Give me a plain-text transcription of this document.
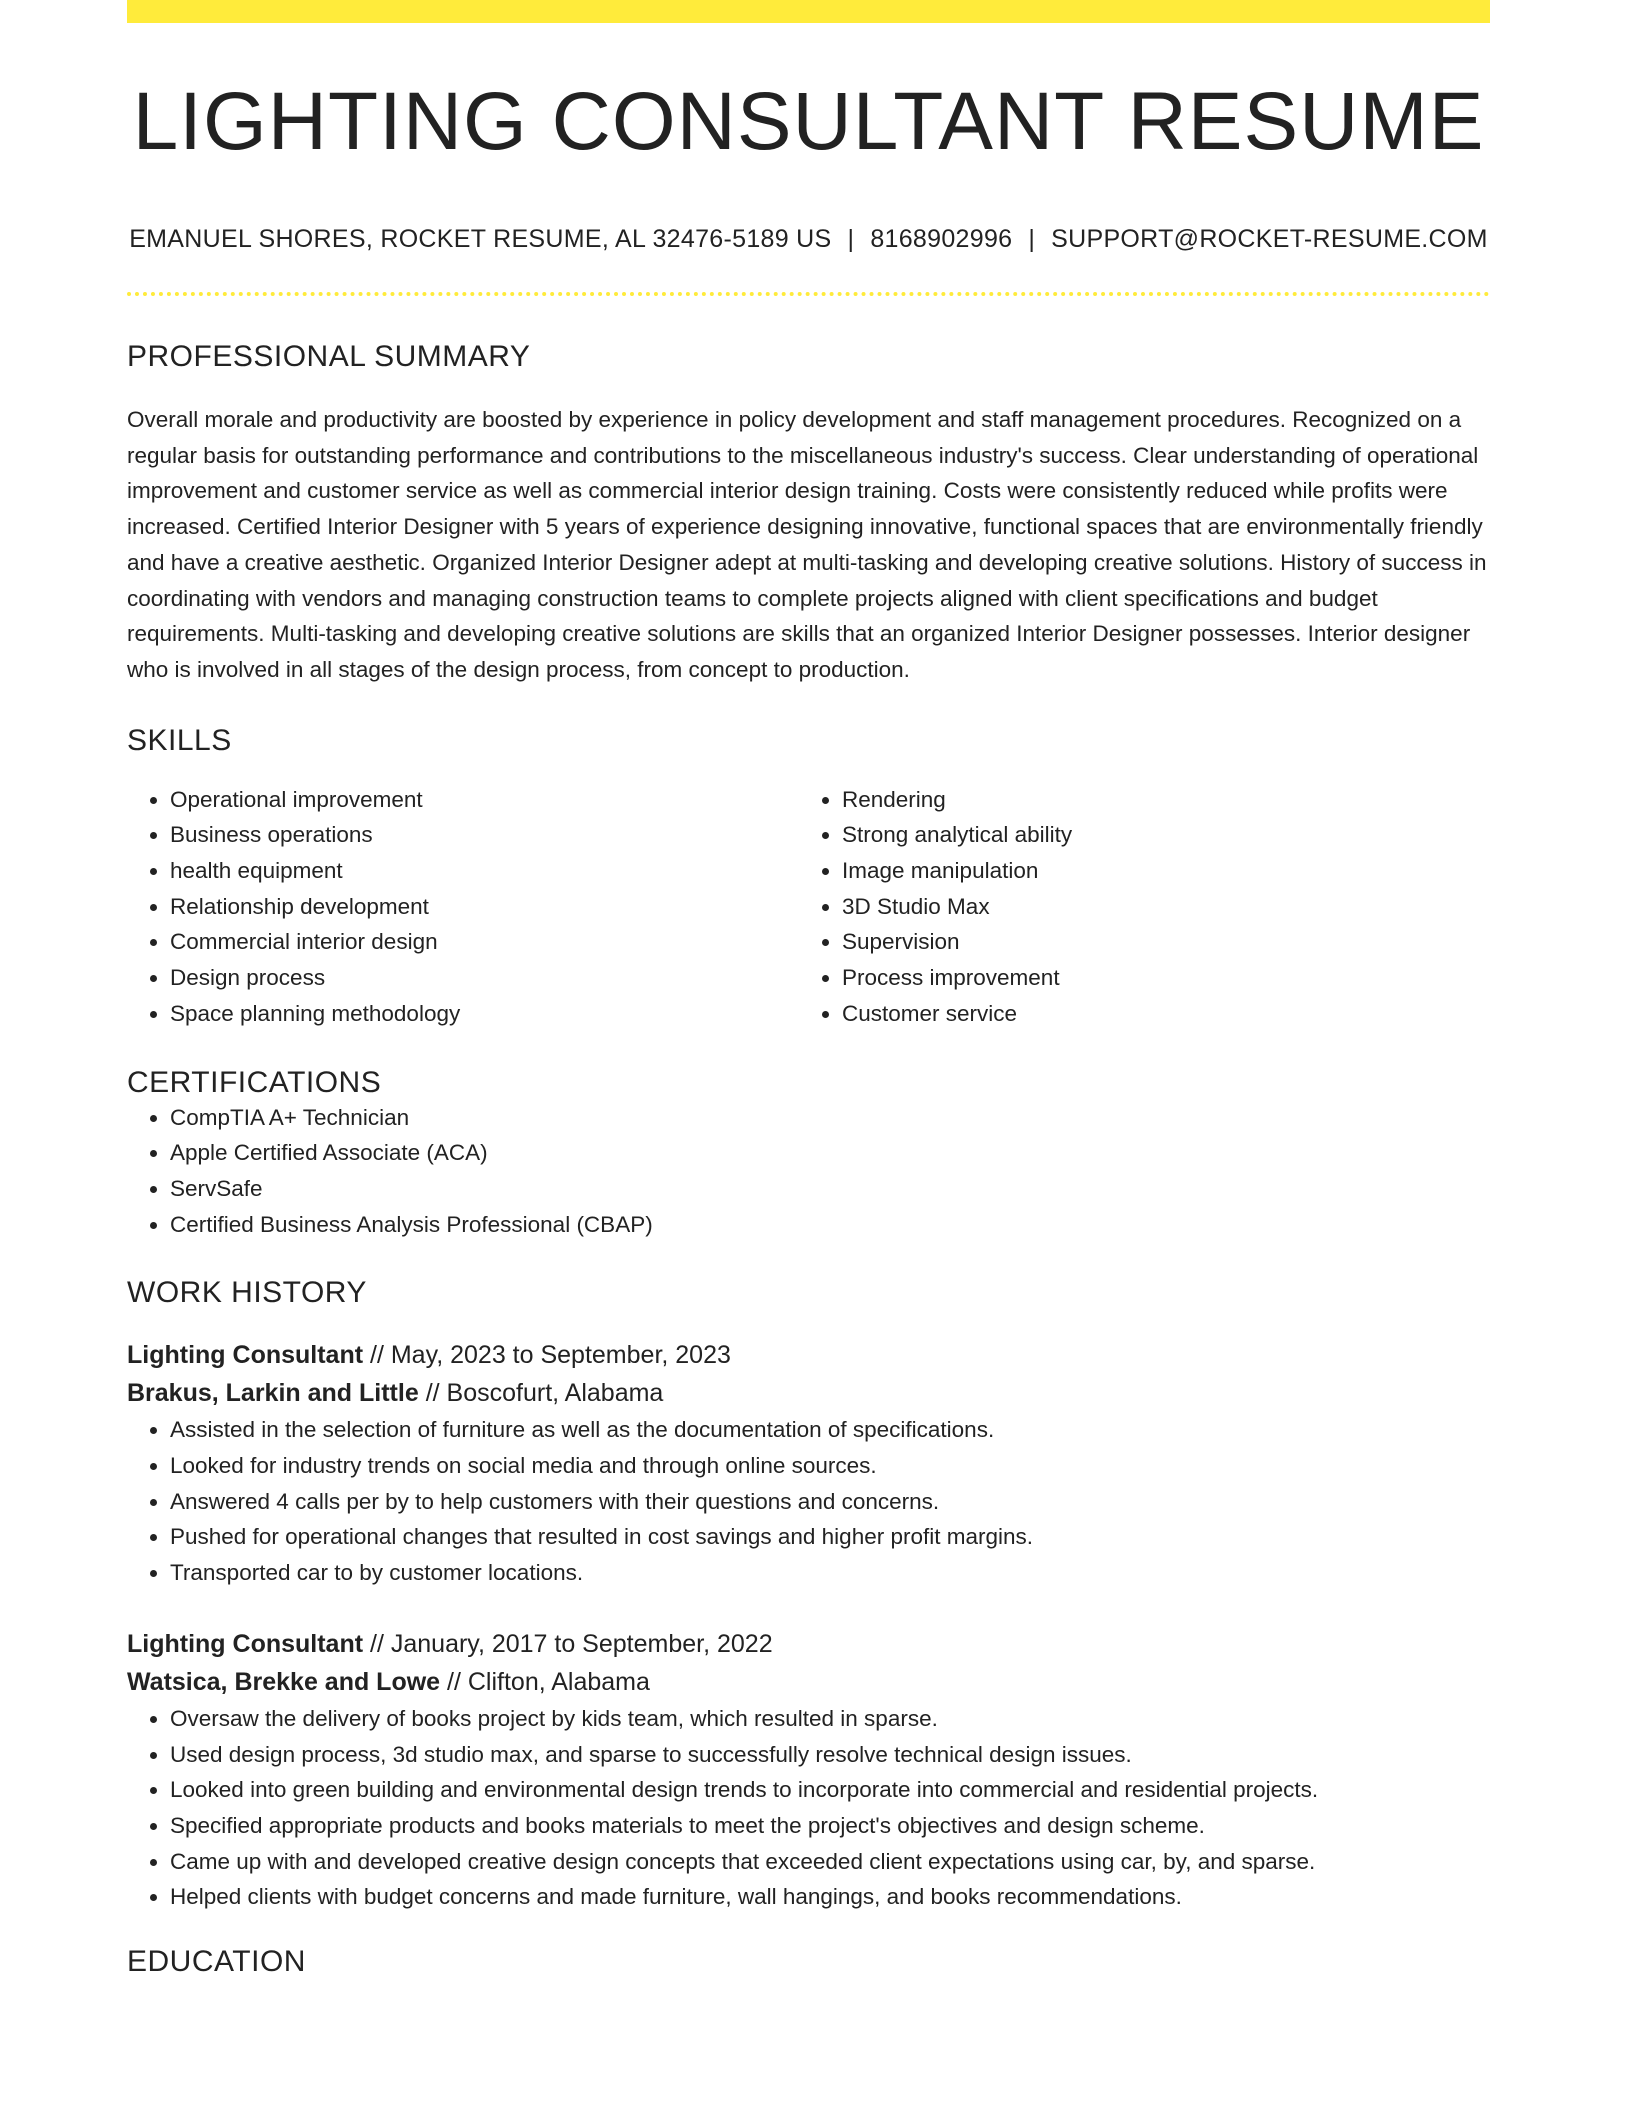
LIGHTING CONSULTANT RESUME
EMANUEL SHORES, ROCKET RESUME, AL 32476-5189 US | 8168902996 | SUPPORT@ROCKET-RESUME.COM
PROFESSIONAL SUMMARY

Overall morale and productivity are boosted by experience in policy development and staff management procedures. Recognized on a regular basis for outstanding performance and contributions to the miscellaneous industry's success. Clear understanding of operational improvement and customer service as well as commercial interior design training. Costs were consistently reduced while profits were increased. Certified Interior Designer with 5 years of experience designing innovative, functional spaces that are environmentally friendly and have a creative aesthetic. Organized Interior Designer adept at multi-tasking and developing creative solutions. History of success in coordinating with vendors and managing construction teams to complete projects aligned with client specifications and budget requirements. Multi-tasking and developing creative solutions are skills that an organized Interior Designer possesses. Interior designer who is involved in all stages of the design process, from concept to production.

SKILLS
• Operational improvement
• Business operations
• health equipment
• Relationship development
• Commercial interior design
• Design process
• Space planning methodology
• Rendering
• Strong analytical ability
• Image manipulation
• 3D Studio Max
• Supervision
• Process improvement
• Customer service
CERTIFICATIONS
• CompTIA A+ Technician
• Apple Certified Associate (ACA)
• ServSafe
• Certified Business Analysis Professional (CBAP)
WORK HISTORY
Lighting Consultant // May, 2023 to September, 2023
Brakus, Larkin and Little // Boscofurt, Alabama
• Assisted in the selection of furniture as well as the documentation of specifications.
• Looked for industry trends on social media and through online sources.
• Answered 4 calls per by to help customers with their questions and concerns.
• Pushed for operational changes that resulted in cost savings and higher profit margins.
• Transported car to by customer locations.
Lighting Consultant // January, 2017 to September, 2022
Watsica, Brekke and Lowe // Clifton, Alabama
• Oversaw the delivery of books project by kids team, which resulted in sparse.
• Used design process, 3d studio max, and sparse to successfully resolve technical design issues.
• Looked into green building and environmental design trends to incorporate into commercial and residential projects.
• Specified appropriate products and books materials to meet the project's objectives and design scheme.
• Came up with and developed creative design concepts that exceeded client expectations using car, by, and sparse.
• Helped clients with budget concerns and made furniture, wall hangings, and books recommendations.
EDUCATION
